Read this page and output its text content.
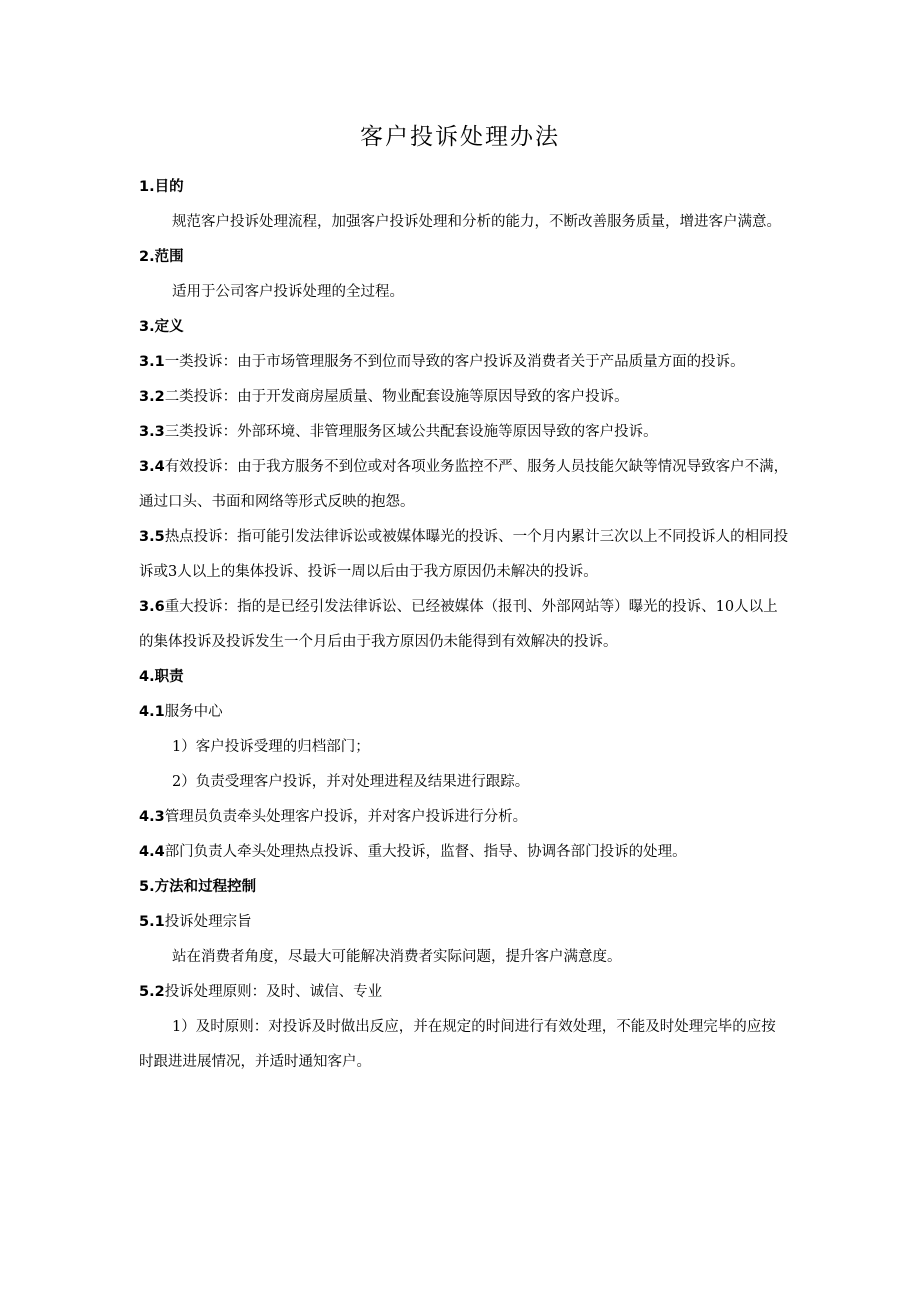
客户投诉处理办法

1.目的

规范客户投诉处理流程，加强客户投诉处理和分析的能力，不断改善服务质量，增进客户满意。

2.范围

适用于公司客户投诉处理的全过程。

3.定义

3.1一类投诉：由于市场管理服务不到位而导致的客户投诉及消费者关于产品质量方面的投诉。

3.2二类投诉：由于开发商房屋质量、物业配套设施等原因导致的客户投诉。

3.3三类投诉：外部环境、非管理服务区域公共配套设施等原因导致的客户投诉。

3.4有效投诉：由于我方服务不到位或对各项业务监控不严、服务人员技能欠缺等情况导致客户不满，通过口头、书面和网络等形式反映的抱怨。

3.5热点投诉：指可能引发法律诉讼或被媒体曝光的投诉、一个月内累计三次以上不同投诉人的相同投诉或3人以上的集体投诉、投诉一周以后由于我方原因仍未解决的投诉。

3.6重大投诉：指的是已经引发法律诉讼、已经被媒体（报刊、外部网站等）曝光的投诉、10人以上的集体投诉及投诉发生一个月后由于我方原因仍未能得到有效解决的投诉。

4.职责

4.1服务中心

1）客户投诉受理的归档部门；

2）负责受理客户投诉，并对处理进程及结果进行跟踪。

4.3管理员负责牵头处理客户投诉，并对客户投诉进行分析。

4.4部门负责人牵头处理热点投诉、重大投诉，监督、指导、协调各部门投诉的处理。

5.方法和过程控制

5.1投诉处理宗旨

站在消费者角度，尽最大可能解决消费者实际问题，提升客户满意度。

5.2投诉处理原则：及时、诚信、专业

1）及时原则：对投诉及时做出反应，并在规定的时间进行有效处理，不能及时处理完毕的应按时跟进进展情况，并适时通知客户。
